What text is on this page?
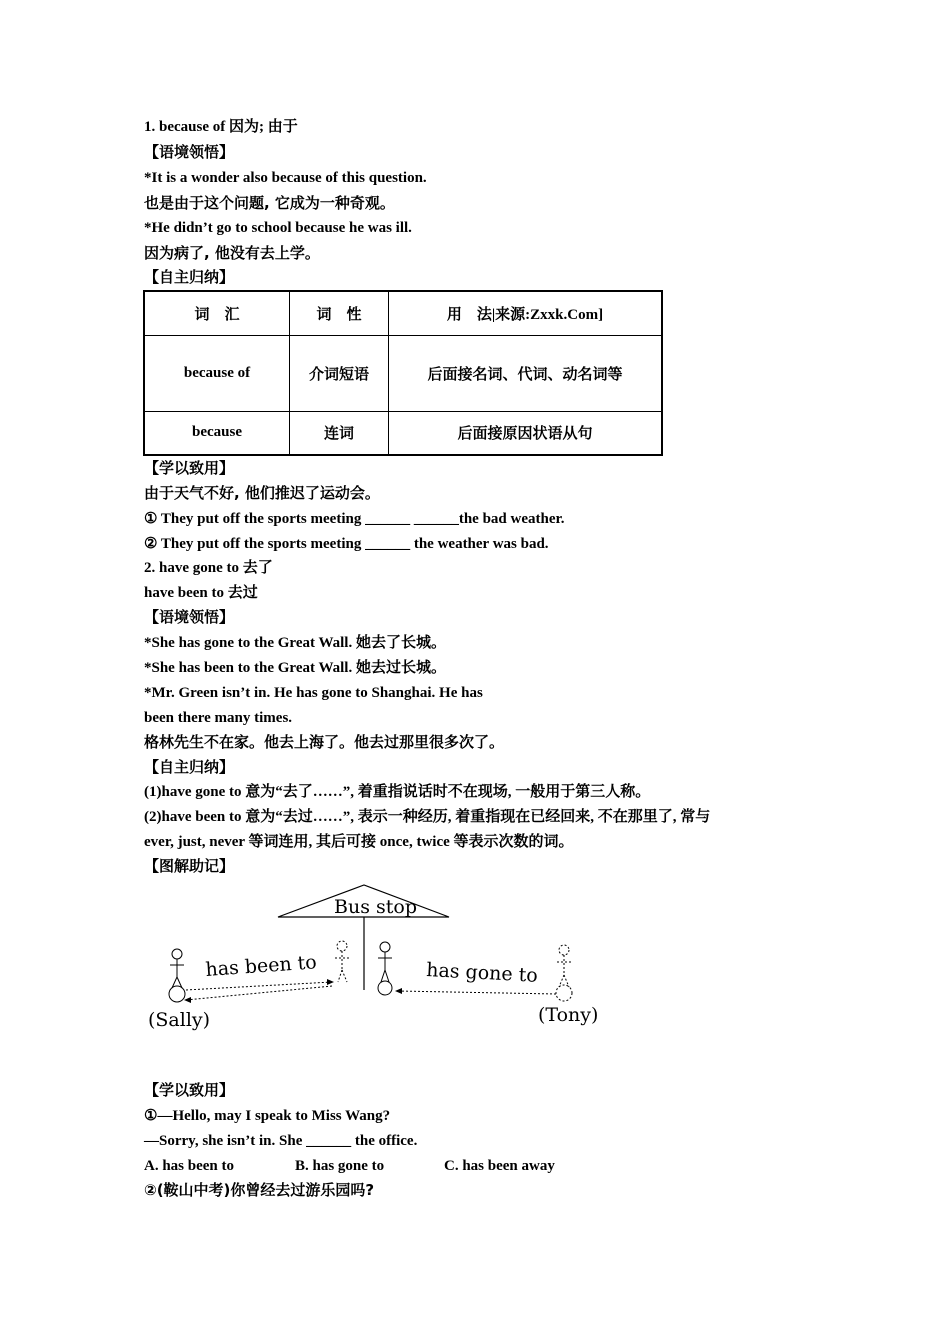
1. because of 因为; 由于
【语境领悟】
*It is a wonder also because of this question.
也是由于这个问题, 它成为一种奇观。
*He didn’t go to school because he was ill.
因为病了, 他没有去上学。
【自主归纳】
词　汇	词　性	用　法|来源:Zxxk.Com]
because of	介词短语	后面接名词、代词、动名词等
because	连词	后面接原因状语从句
【学以致用】
由于天气不好, 他们推迟了运动会。
① They put off the sports meeting ______ ______the bad weather.
② They put off the sports meeting ______ the weather was bad.
2. have gone to 去了
have been to 去过
【语境领悟】
*She has gone to the Great Wall. 她去了长城。
*She has been to the Great Wall. 她去过长城。
*Mr. Green isn’t in. He has gone to Shanghai. He has
been there many times.
格林先生不在家。他去上海了。他去过那里很多次了。
【自主归纳】
(1)have gone to 意为“去了……”, 着重指说话时不在现场, 一般用于第三人称。
(2)have been to 意为“去过……”, 表示一种经历, 着重指现在已经回来, 不在那里了, 常与
ever, just, never 等词连用, 其后可接 once, twice 等表示次数的词。
【图解助记】
Bus stop
has been to	has gone to
(Sally)	(Tony)
【学以致用】
①—Hello, may I speak to Miss Wang?
—Sorry, she isn’t in. She ______ the office.
A. has been to	B. has gone to	C. has been away
②(鞍山中考)你曾经去过游乐园吗?
